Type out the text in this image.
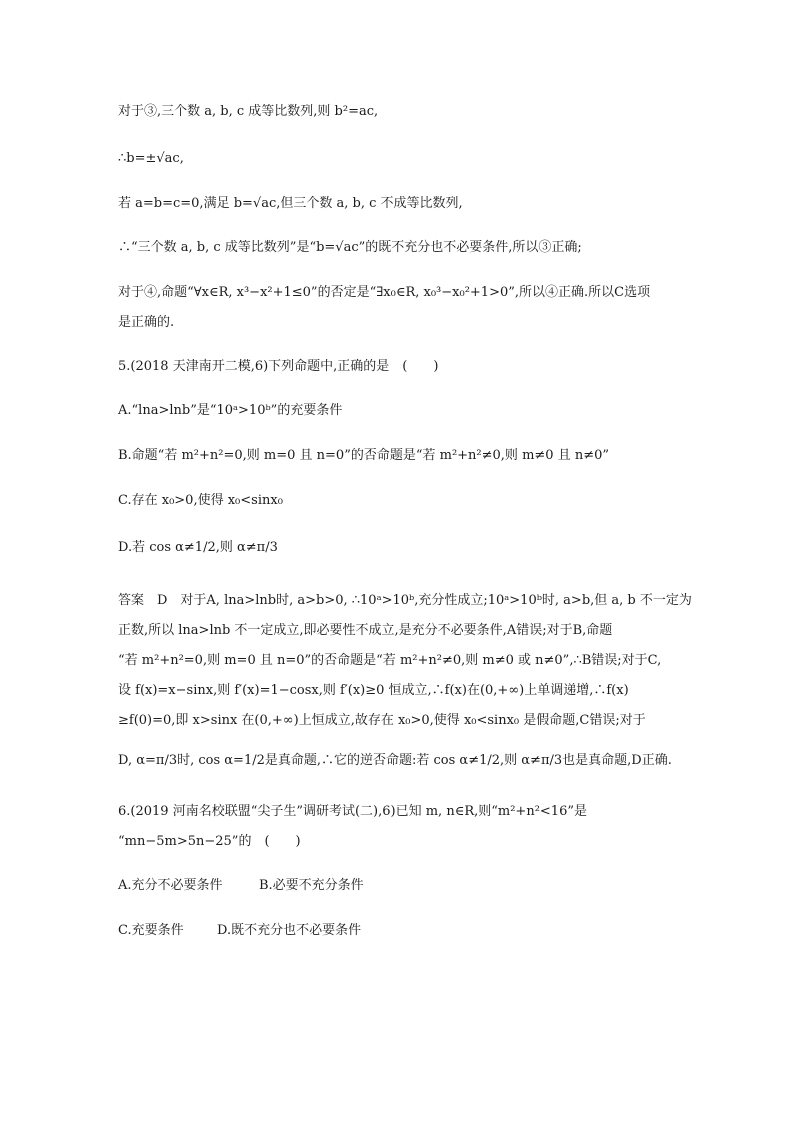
对于③,三个数 a, b, c 成等比数列,则 b²=ac,
∴b=±√ac,
若 a=b=c=0,满足 b=√ac,但三个数 a, b, c 不成等比数列,
∴“三个数 a, b, c 成等比数列”是“b=√ac”的既不充分也不必要条件,所以③正确;
对于④,命题“∀x∈R, x³−x²+1≤0”的否定是“∃x₀∈R, x₀³−x₀²+1>0”,所以④正确.所以C选项
是正确的.
5.(2018 天津南开二模,6)下列命题中,正确的是　(　　)
A.“lna>lnb”是“10ᵃ>10ᵇ”的充要条件
B.命题“若 m²+n²=0,则 m=0 且 n=0”的否命题是“若 m²+n²≠0,则 m≠0 且 n≠0”
C.存在 x₀>0,使得 x₀<sinx₀
D.若 cos α≠1/2,则 α≠π/3
答案　D　对于A, lna>lnb时, a>b>0, ∴10ᵃ>10ᵇ,充分性成立;10ᵃ>10ᵇ时, a>b,但 a, b 不一定为
正数,所以 lna>lnb 不一定成立,即必要性不成立,是充分不必要条件,A错误;对于B,命题
“若 m²+n²=0,则 m=0 且 n=0”的否命题是“若 m²+n²≠0,则 m≠0 或 n≠0”,∴B错误;对于C,
设 f(x)=x−sinx,则 f′(x)=1−cosx,则 f′(x)≥0 恒成立,∴f(x)在(0,+∞)上单调递增,∴f(x)
≥f(0)=0,即 x>sinx 在(0,+∞)上恒成立,故存在 x₀>0,使得 x₀<sinx₀ 是假命题,C错误;对于
D, α=π/3时, cos α=1/2是真命题,∴它的逆否命题:若 cos α≠1/2,则 α≠π/3也是真命题,D正确.
6.(2019 河南名校联盟“尖子生”调研考试(二),6)已知 m, n∈R,则“m²+n²<16”是
“mn−5m>5n−25”的　(　　)
A.充分不必要条件	B.必要不充分条件
C.充要条件	D.既不充分也不必要条件
